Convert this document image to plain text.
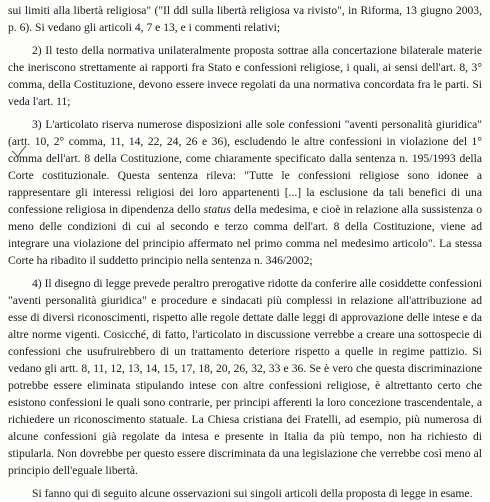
sui limiti alla libertà religiosa" ("Il ddl sulla libertà religiosa va rivisto", in Riforma, 13 giugno 2003, p. 6). Si vedano gli articoli 4, 7 e 13, e i commenti relativi;

2) Il testo della normativa unilateralmente proposta sottrae alla concertazione bilaterale materie che ineriscono strettamente ai rapporti fra Stato e confessioni religiose, i quali, ai sensi dell'art. 8, 3° comma, della Costituzione, devono essere invece regolati da una normativa concordata fra le parti. Si veda l'art. 11;

3) L'articolato riserva numerose disposizioni alle sole confessioni "aventi personalità giuridica" (artt. 10, 2° comma, 11, 14, 22, 24, 26 e 36), escludendo le altre confessioni in violazione del 1° comma dell'art. 8 della Costituzione, come chiaramente specificato dalla sentenza n. 195/1993 della Corte costituzionale. Questa sentenza rileva: "Tutte le confessioni religiose sono idonee a rappresentare gli interessi religiosi dei loro appartenenti [...] la esclusione da tali benefici di una confessione religiosa in dipendenza dello status della medesima, e cioè in relazione alla sussistenza o meno delle condizioni di cui al secondo e terzo comma dell'art. 8 della Costituzione, viene ad integrare una violazione del principio affermato nel primo comma nel medesimo articolo". La stessa Corte ha ribadito il suddetto principio nella sentenza n. 346/2002;

4) Il disegno di legge prevede peraltro prerogative ridotte da conferire alle cosiddette confessioni "aventi personalità giuridica" e procedure e sindacati più complessi in relazione all'attribuzione ad esse di diversi riconoscimenti, rispetto alle regole dettate dalle leggi di approvazione delle intese e da altre norme vigenti. Cosicché, di fatto, l'articolato in discussione verrebbe a creare una sottospecie di confessioni che usufruirebbero di un trattamento deteriore rispetto a quelle in regime pattizio. Si vedano gli artt. 8, 11, 12, 13, 14, 15, 17, 18, 20, 26, 32, 33 e 36. Se è vero che questa discriminazione potrebbe essere eliminata stipulando intese con altre confessioni religiose, è altrettanto certo che esistono confessioni le quali sono contrarie, per principi afferenti la loro concezione trascendentale, a richiedere un riconoscimento statuale. La Chiesa cristiana dei Fratelli, ad esempio, più numerosa di alcune confessioni già regolate da intesa e presente in Italia da più tempo, non ha richiesto di stipularla. Non dovrebbe per questo essere discriminata da una legislazione che verrebbe così meno al principio dell'eguale libertà.

Si fanno qui di seguito alcune osservazioni sui singoli articoli della proposta di legge in esame.
